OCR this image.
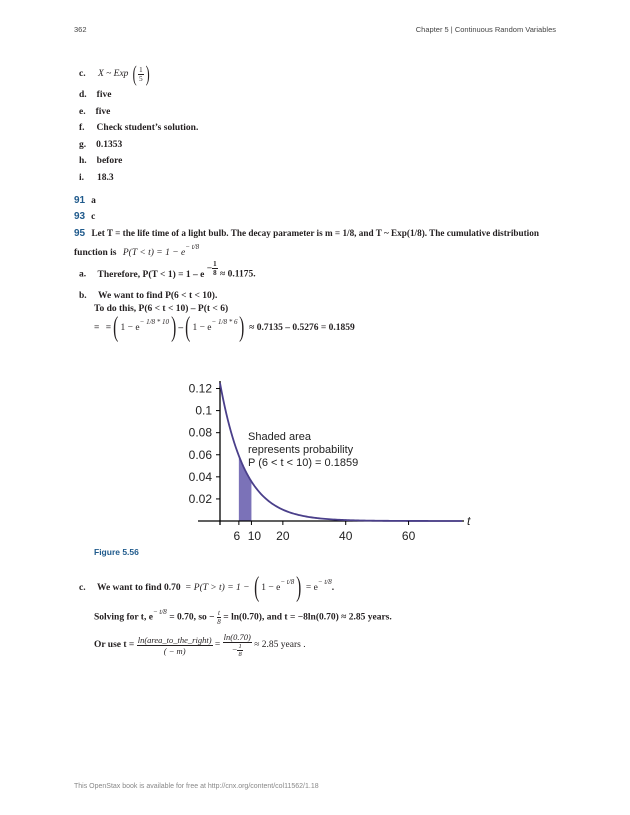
362	Chapter 5 | Continuous Random Variables
c. X ~ Exp ( $\frac{1}{5}$ )
d. five
e. five
f. Check student’s solution.
g. 0.1353
h. before
i. 18.3
91 a
93 c
95 Let T = the life time of a light bulb. The decay parameter is m = 1/8, and T ~ Exp(1/8). The cumulative distribution
function is $P(T < t) = 1 - e^{- t/8}$
a. Therefore, $P(T < 1) = 1 - e - \frac{1}{8} \approx 0.1175$.
b. We want to find P(6 < t < 10).
To do this, P(6 < t < 10) – P(t < 6)
= =( $1 - e^{- 1/8 * 10}$) –( $1 - e^{- 1/8 * 6}) \approx 0.7135 - 0.5276 = 0.1859$
0.12
0.1
0.08
0.06
0.04
0.02
6 10 20	40	60
t
Shaded area
represents probability
P (6 < t < 10) = 0.1859
Figure 5.56
c. We want to find 0.70 = P(T > t) = 1 − ( $1 - e^{- t/8}) = e^{- t/8}$.
Solving for t, $e^{- t/8} = 0.70$, so − $\frac{t}{8} = \ln(0.70)$, and t = −8ln(0.70) ≈ 2.85 years.
Or use $t = \frac{\text{ln(area\_to\_the\_right)}}{( - m)} = \frac{\ln(0.70)}{- \frac{1}{8}} \approx 2.85$ years .
This OpenStax book is available for free at http://cnx.org/content/col11562/1.18
